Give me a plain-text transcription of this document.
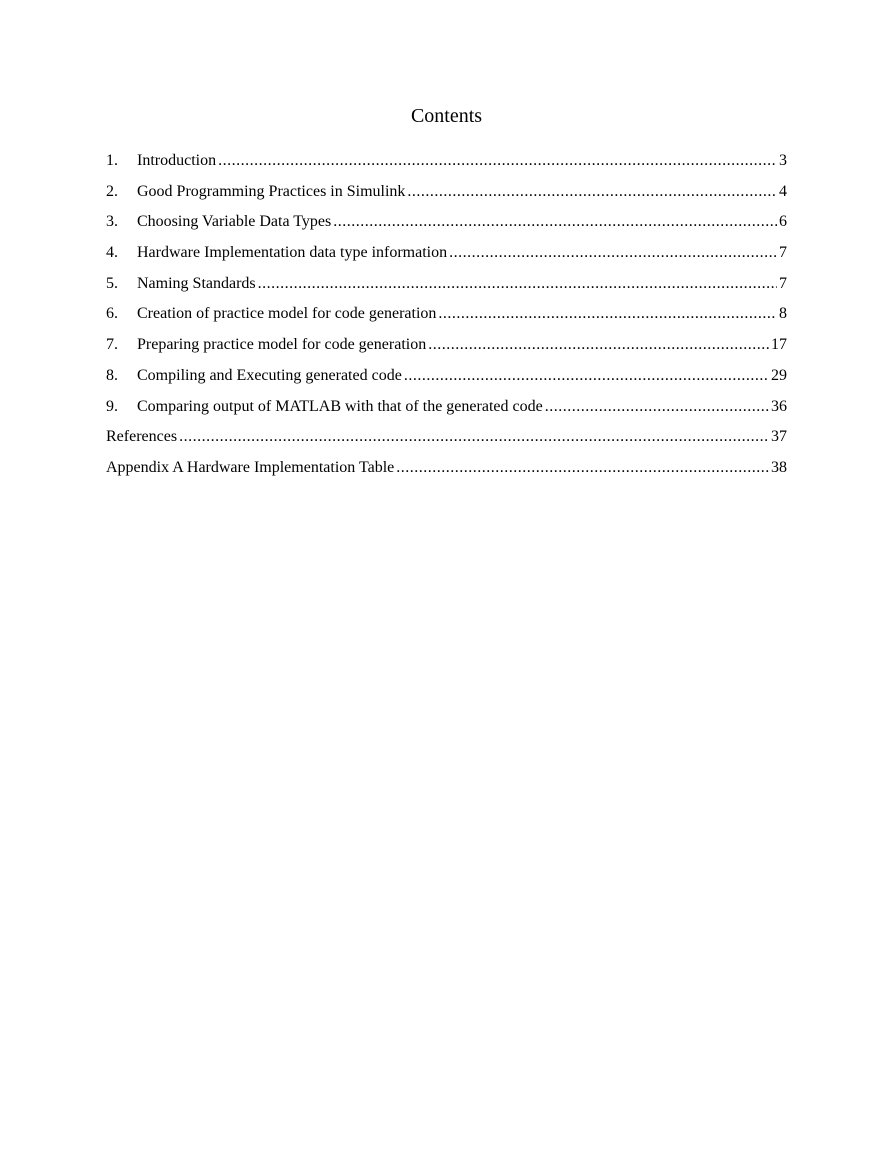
Contents
1.	Introduction .....	3
2.	Good Programming Practices in Simulink .....	4
3.	Choosing Variable Data Types .....	6
4.	Hardware Implementation data type information .....	7
5.	Naming Standards .....	7
6.	Creation of practice model for code generation .....	8
7.	Preparing practice model for code generation .....	17
8.	Compiling and Executing generated code .....	29
9.	Comparing output of MATLAB with that of the generated code .....	36
References .....	37
Appendix A Hardware Implementation Table .....	38
